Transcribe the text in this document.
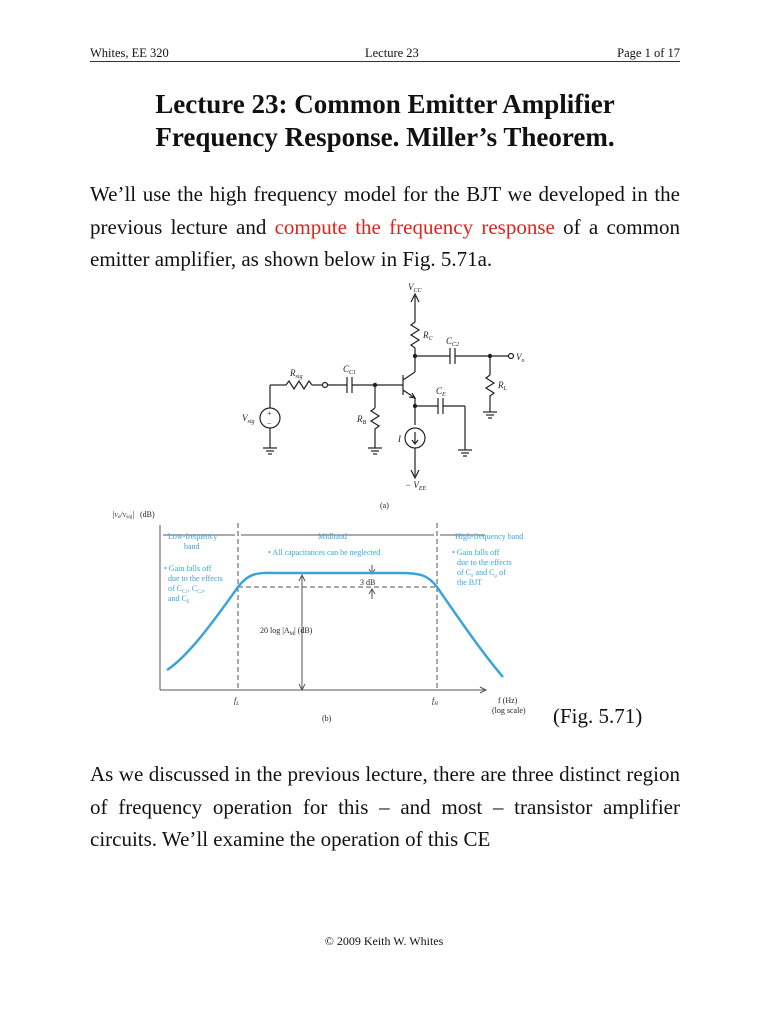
Whites, EE 320	Lecture 23	Page 1 of 17
Lecture 23: Common Emitter Amplifier
Frequency Response. Miller’s Theorem.
We’ll use the high frequency model for the BJT we developed in the previous lecture and compute the frequency response of a common emitter amplifier, as shown below in Fig. 5.71a.
+
−
$V_{CC}$
$R_C$ $C_{C2}$
$V_o$
$R_{sig}$
$C_{C1}$
$R_L$
$C_E$
$V_{sig}$	$R_B$
I
− $V_{EE}$
(a)
Low-frequency
band
Midband	High-frequency band
• All capacitances can be neglected
• Gain falls off
due to the effects
of $C_{C1}$, $C_{C2}$,
and $C_E$
• Gain falls off
due to the effects
of $C_\pi$ and $C_\mu$ of
the BJT
|Vo/Vsig| (dB)
3 dB
20 $\log |A_M|$ (dB)
$f_L$	$f_H$	f (Hz)
(log scale)
(b)	(Fig. 5.71)
As we discussed in the previous lecture, there are three distinct region of frequency operation for this – and most – transistor amplifier circuits. We’ll examine the operation of this CE
© 2009 Keith W. Whites
